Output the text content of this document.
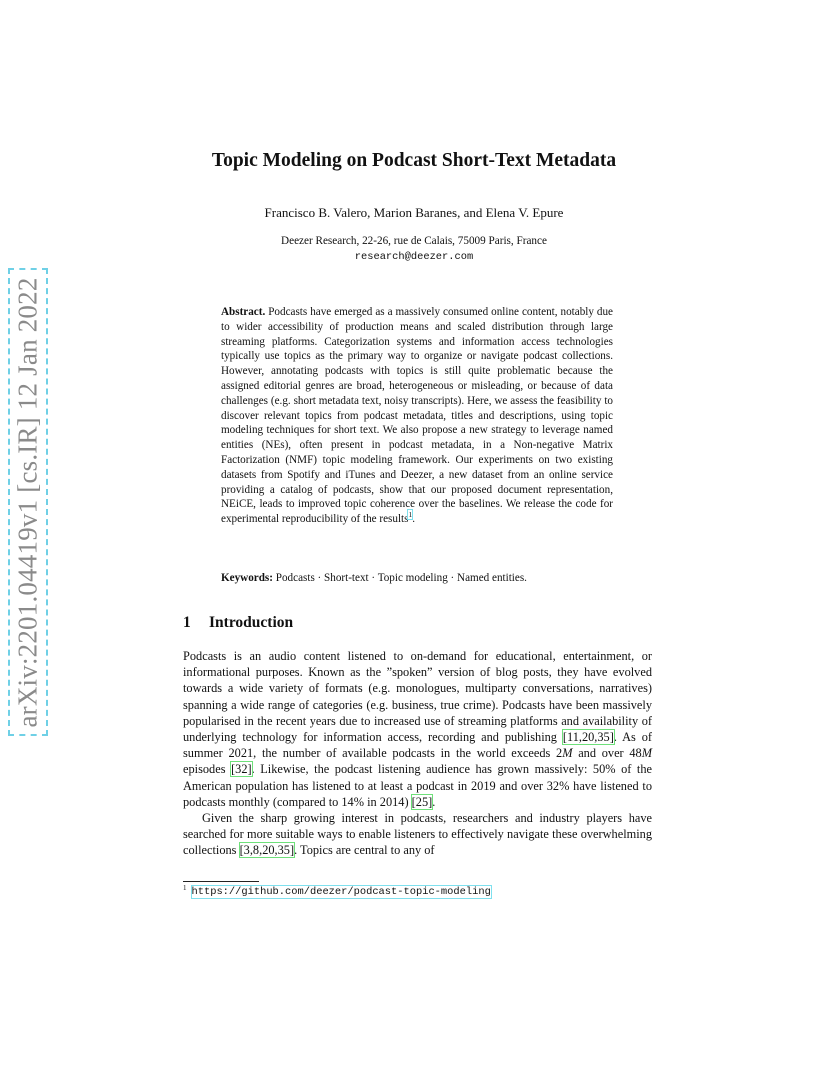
arXiv:2201.04419v1 [cs.IR] 12 Jan 2022
Topic Modeling on Podcast Short-Text Metadata
Francisco B. Valero, Marion Baranes, and Elena V. Epure
Deezer Research, 22-26, rue de Calais, 75009 Paris, France
research@deezer.com
Abstract. Podcasts have emerged as a massively consumed online content, notably due to wider accessibility of production means and scaled distribution through large streaming platforms. Categorization systems and information access technologies typically use topics as the primary way to organize or navigate podcast collections. However, annotating podcasts with topics is still quite problematic because the assigned editorial genres are broad, heterogeneous or misleading, or because of data challenges (e.g. short metadata text, noisy transcripts). Here, we assess the feasibility to discover relevant topics from podcast metadata, titles and descriptions, using topic modeling techniques for short text. We also propose a new strategy to leverage named entities (NEs), often present in podcast metadata, in a Non-negative Matrix Factorization (NMF) topic modeling framework. Our experiments on two existing datasets from Spotify and iTunes and Deezer, a new dataset from an online service providing a catalog of podcasts, show that our proposed document representation, NEiCE, leads to improved topic coherence over the baselines. We release the code for experimental reproducibility of the results$^1$.
Keywords: Podcasts · Short-text · Topic modeling · Named entities.
1 Introduction

Podcasts is an audio content listened to on-demand for educational, entertainment, or informational purposes. Known as the ”spoken” version of blog posts, they have evolved towards a wide variety of formats (e.g. monologues, multiparty conversations, narratives) spanning a wide range of categories (e.g. business, true crime). Podcasts have been massively popularised in the recent years due to increased use of streaming platforms and availability of underlying technology for information access, recording and publishing [11,20,35]. As of summer 2021, the number of available podcasts in the world exceeds 2M and over 48M episodes [32]. Likewise, the podcast listening audience has grown massively: 50% of the American population has listened to at least a podcast in 2019 and over 32% have listened to podcasts monthly (compared to 14% in 2014) [25].

Given the sharp growing interest in podcasts, researchers and industry players have searched for more suitable ways to enable listeners to effectively navigate these overwhelming collections [3,8,20,35]. Topics are central to any of

$^1$ https://github.com/deezer/podcast-topic-modeling
